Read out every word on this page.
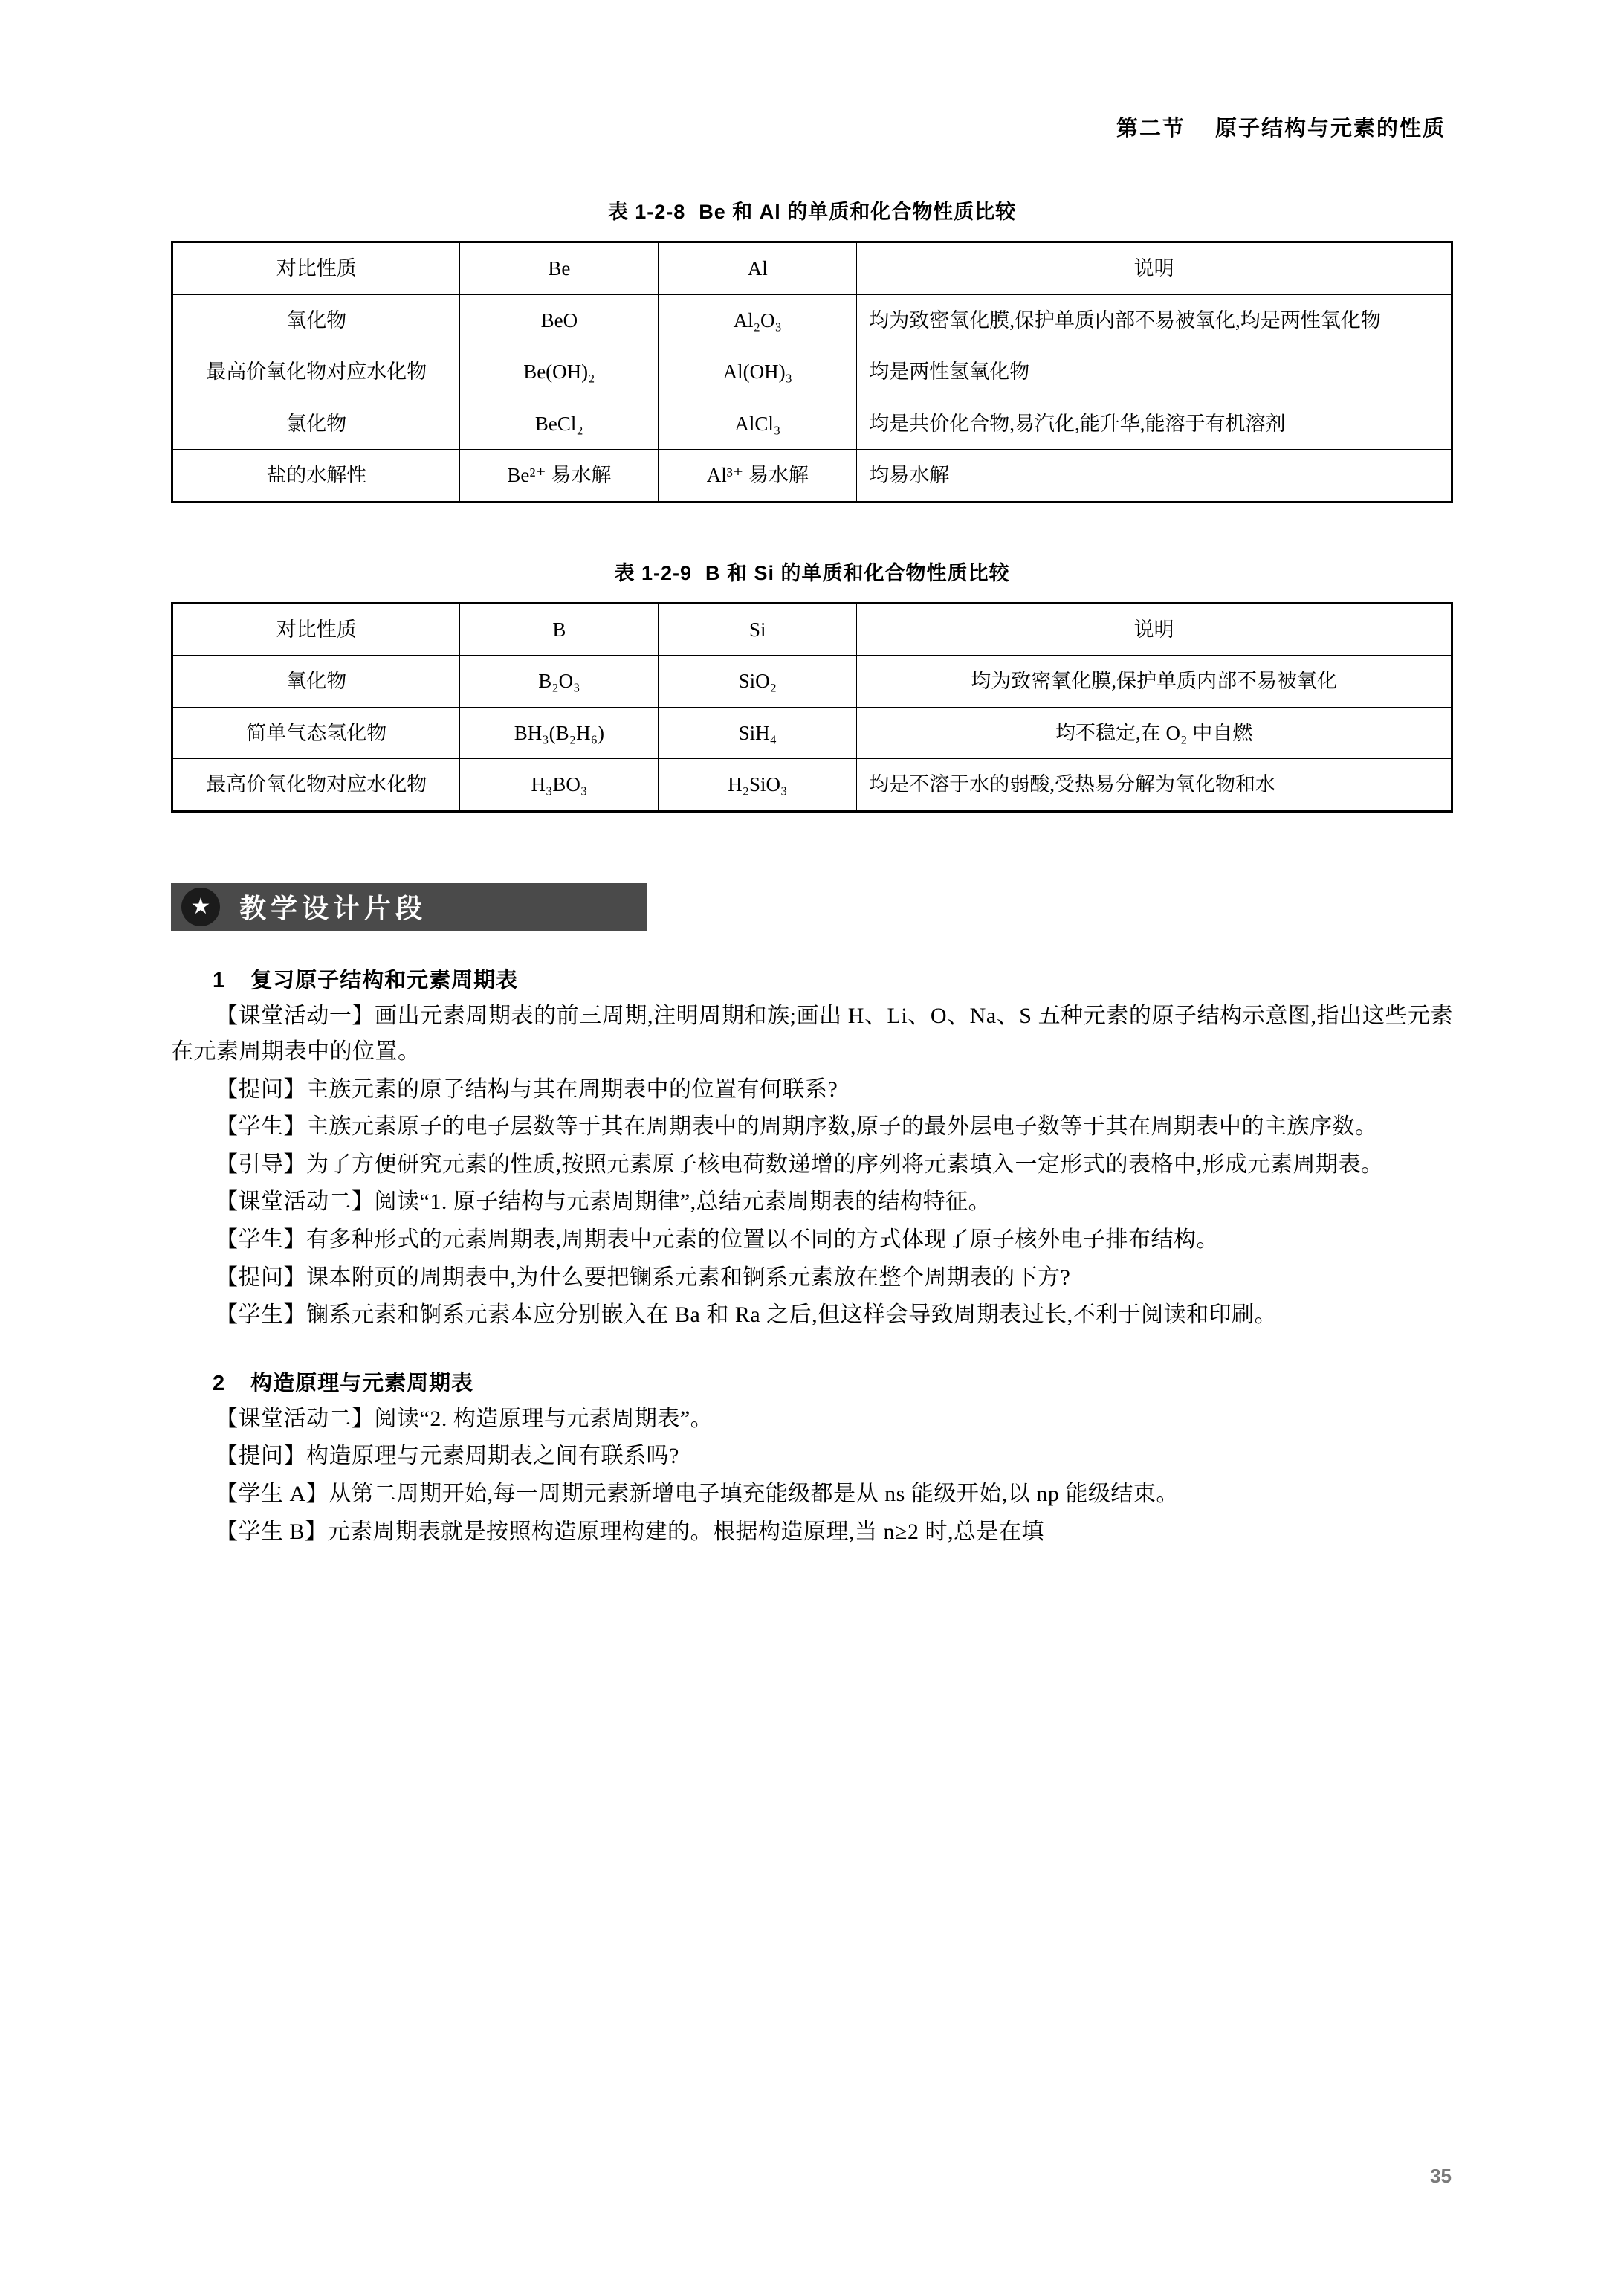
第二节 原子结构与元素的性质
表 1-2-8 Be 和 Al 的单质和化合物性质比较
对比性质	Be	Al	说明
氧化物	BeO	Al₂O₃	均为致密氧化膜,保护单质内部不易被氧化,均是两性氧化物
最高价氧化物对应水化物	Be(OH)₂	Al(OH)₃	均是两性氢氧化物
氯化物	BeCl₂	AlCl₃	均是共价化合物,易汽化,能升华,能溶于有机溶剂
盐的水解性	Be²⁺ 易水解	Al³⁺ 易水解	均易水解
表 1-2-9 B 和 Si 的单质和化合物性质比较
对比性质	B	Si	说明
氧化物	B₂O₃	SiO₂	均为致密氧化膜,保护单质内部不易被氧化
简单气态氢化物	BH₃(B₂H₆)	SiH₄	均不稳定,在 O₂ 中自燃
最高价氧化物对应水化物	H₃BO₃	H₂SiO₃	均是不溶于水的弱酸,受热易分解为氧化物和水
★	教学设计片段
1 复习原子结构和元素周期表

【课堂活动一】画出元素周期表的前三周期,注明周期和族;画出 H、Li、O、Na、S 五种元素的原子结构示意图,指出这些元素在元素周期表中的位置。

【提问】主族元素的原子结构与其在周期表中的位置有何联系?

【学生】主族元素原子的电子层数等于其在周期表中的周期序数,原子的最外层电子数等于其在周期表中的主族序数。

【引导】为了方便研究元素的性质,按照元素原子核电荷数递增的序列将元素填入一定形式的表格中,形成元素周期表。

【课堂活动二】阅读“1. 原子结构与元素周期律”,总结元素周期表的结构特征。

【学生】有多种形式的元素周期表,周期表中元素的位置以不同的方式体现了原子核外电子排布结构。

【提问】课本附页的周期表中,为什么要把镧系元素和锕系元素放在整个周期表的下方?

【学生】镧系元素和锕系元素本应分别嵌入在 Ba 和 Ra 之后,但这样会导致周期表过长,不利于阅读和印刷。

2 构造原理与元素周期表

【课堂活动二】阅读“2. 构造原理与元素周期表”。

【提问】构造原理与元素周期表之间有联系吗?

【学生 A】从第二周期开始,每一周期元素新增电子填充能级都是从 ns 能级开始,以 np 能级结束。

【学生 B】元素周期表就是按照构造原理构建的。根据构造原理,当 n≥2 时,总是在填

35
